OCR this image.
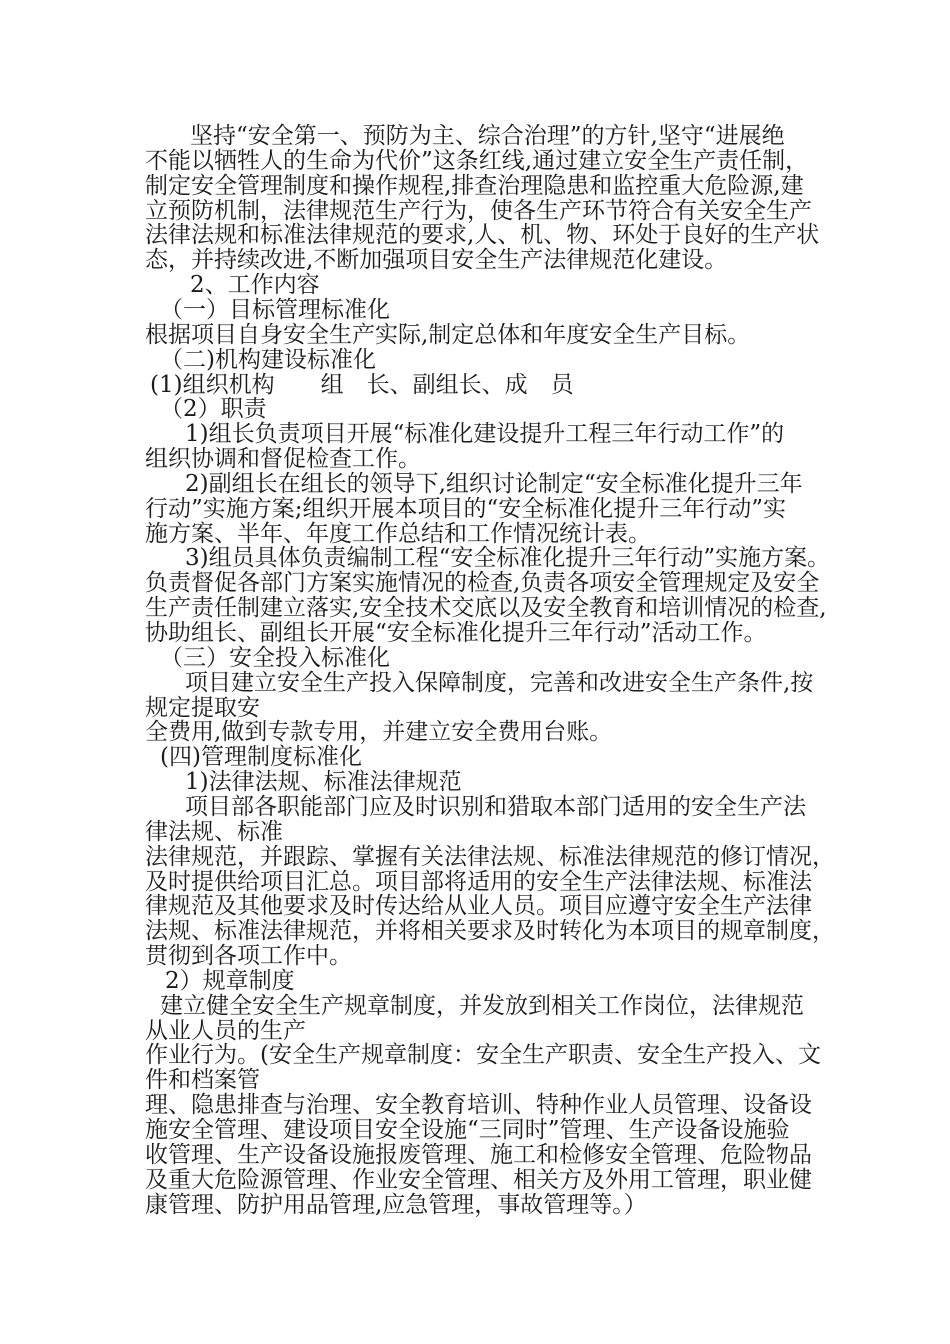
坚持“安全第一、预防为主、综合治理”的方针,坚守“进展绝
不能以牺牲人的生命为代价”这条红线,通过建立安全生产责任制，
制定安全管理制度和操作规程,排查治理隐患和监控重大危险源,建
立预防机制，法律规范生产行为，使各生产环节符合有关安全生产
法律法规和标准法律规范的要求,人、机、物、环处于良好的生产状
态，并持续改进,不断加强项目安全生产法律规范化建设。
2、工作内容
（一）目标管理标准化
根据项目自身安全生产实际,制定总体和年度安全生产目标。
（二)机构建设标准化
(1)组织机构　　组　长、副组长、成　员
（2）职责
1)组长负责项目开展“标准化建设提升工程三年行动工作”的
组织协调和督促检查工作。
2)副组长在组长的领导下,组织讨论制定“安全标准化提升三年
行动”实施方案;组织开展本项目的“安全标准化提升三年行动”实
施方案、半年、年度工作总结和工作情况统计表。
3)组员具体负责编制工程“安全标准化提升三年行动”实施方案。
负责督促各部门方案实施情况的检查,负责各项安全管理规定及安全
生产责任制建立落实,安全技术交底以及安全教育和培训情况的检查,
协助组长、副组长开展“安全标准化提升三年行动”活动工作。
（三）安全投入标准化
项目建立安全生产投入保障制度，完善和改进安全生产条件,按
规定提取安
全费用,做到专款专用，并建立安全费用台账。
(四)管理制度标准化
1)法律法规、标准法律规范
项目部各职能部门应及时识别和猎取本部门适用的安全生产法
律法规、标准
法律规范，并跟踪、掌握有关法律法规、标准法律规范的修订情况，
及时提供给项目汇总。项目部将适用的安全生产法律法规、标准法
律规范及其他要求及时传达给从业人员。项目应遵守安全生产法律
法规、标准法律规范，并将相关要求及时转化为本项目的规章制度，
贯彻到各项工作中。
2）规章制度
建立健全安全生产规章制度，并发放到相关工作岗位，法律规范
从业人员的生产
作业行为。(安全生产规章制度：安全生产职责、安全生产投入、文
件和档案管
理、隐患排查与治理、安全教育培训、特种作业人员管理、设备设
施安全管理、建设项目安全设施“三同时”管理、生产设备设施验
收管理、生产设备设施报废管理、施工和检修安全管理、危险物品
及重大危险源管理、作业安全管理、相关方及外用工管理，职业健
康管理、防护用品管理,应急管理，事故管理等。）
